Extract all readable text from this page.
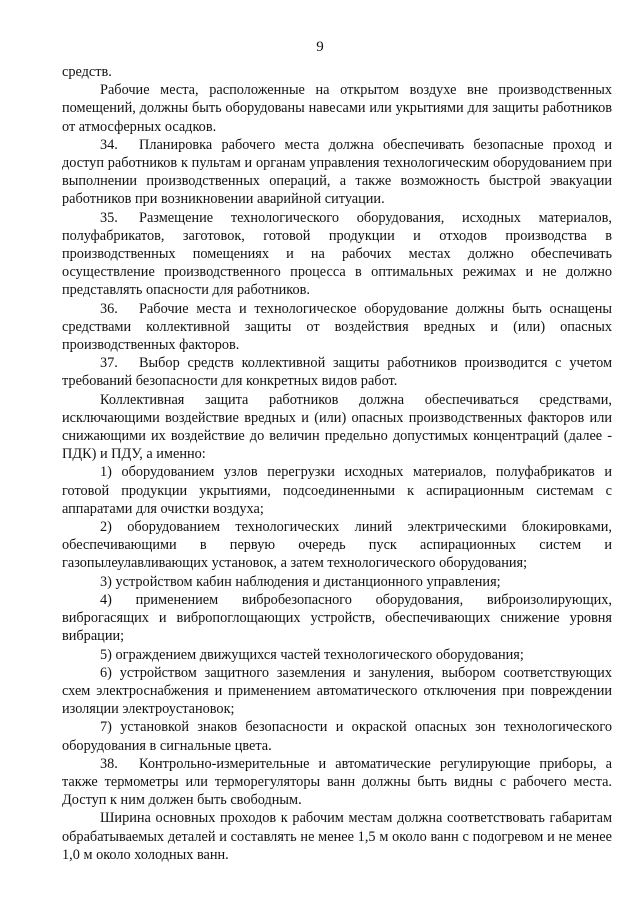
9

средств.

Рабочие места, расположенные на открытом воздухе вне производственных помещений, должны быть оборудованы навесами или укрытиями для защиты работников от атмосферных осадков.

34. Планировка рабочего места должна обеспечивать безопасные проход и доступ работников к пультам и органам управления технологическим оборудованием при выполнении производственных операций, а также возможность быстрой эвакуации работников при возникновении аварийной ситуации.

35. Размещение технологического оборудования, исходных материалов, полуфабрикатов, заготовок, готовой продукции и отходов производства в производственных помещениях и на рабочих местах должно обеспечивать осуществление производственного процесса в оптимальных режимах и не должно представлять опасности для работников.

36. Рабочие места и технологическое оборудование должны быть оснащены средствами коллективной защиты от воздействия вредных и (или) опасных производственных факторов.

37. Выбор средств коллективной защиты работников производится с учетом требований безопасности для конкретных видов работ.

Коллективная защита работников должна обеспечиваться средствами, исключающими воздействие вредных и (или) опасных производственных факторов или снижающими их воздействие до величин предельно допустимых концентраций (далее - ПДК) и ПДУ, а именно:

1) оборудованием узлов перегрузки исходных материалов, полуфабрикатов и готовой продукции укрытиями, подсоединенными к аспирационным системам с аппаратами для очистки воздуха;

2) оборудованием технологических линий электрическими блокировками, обеспечивающими в первую очередь пуск аспирационных систем и газопылеулавливающих установок, а затем технологического оборудования;

3) устройством кабин наблюдения и дистанционного управления;

4) применением вибробезопасного оборудования, виброизолирующих, виброгасящих и вибропоглощающих устройств, обеспечивающих снижение уровня вибрации;

5) ограждением движущихся частей технологического оборудования;

6) устройством защитного заземления и зануления, выбором соответствующих схем электроснабжения и применением автоматического отключения при повреждении изоляции электроустановок;

7) установкой знаков безопасности и окраской опасных зон технологического оборудования в сигнальные цвета.

38. Контрольно-измерительные и автоматические регулирующие приборы, а также термометры или терморегуляторы ванн должны быть видны с рабочего места. Доступ к ним должен быть свободным.

Ширина основных проходов к рабочим местам должна соответствовать габаритам обрабатываемых деталей и составлять не менее 1,5 м около ванн с подогревом и не менее 1,0 м около холодных ванн.
